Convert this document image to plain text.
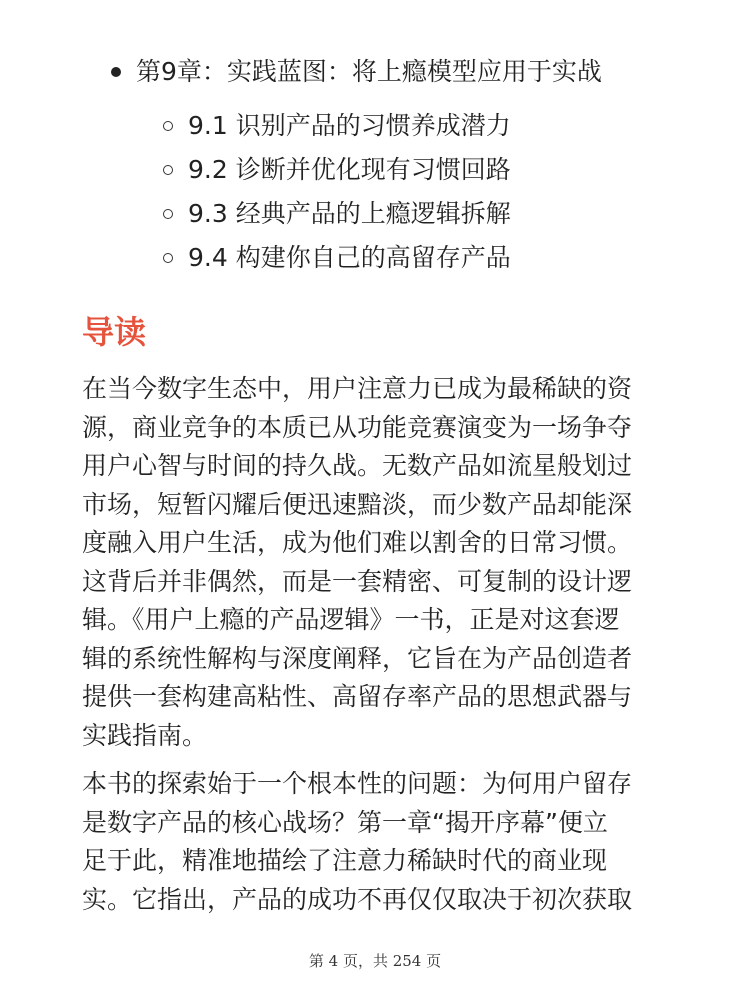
第9章：实践蓝图：将上瘾模型应用于实战
9.1 识别产品的习惯养成潜力
9.2 诊断并优化现有习惯回路
9.3 经典产品的上瘾逻辑拆解
9.4 构建你自己的高留存产品
导读

在当今数字生态中，用户注意力已成为最稀缺的资
源，商业竞争的本质已从功能竞赛演变为一场争夺
用户心智与时间的持久战。无数产品如流星般划过
市场，短暂闪耀后便迅速黯淡，而少数产品却能深
度融入用户生活，成为他们难以割舍的日常习惯。
这背后并非偶然，而是一套精密、可复制的设计逻
辑。《用户上瘾的产品逻辑》一书，正是对这套逻
辑的系统性解构与深度阐释，它旨在为产品创造者
提供一套构建高粘性、高留存率产品的思想武器与
实践指南。

本书的探索始于一个根本性的问题：为何用户留存
是数字产品的核心战场？第一章“揭开序幕”便立
足于此，精准地描绘了注意力稀缺时代的商业现
实。它指出，产品的成功不再仅仅取决于初次获取

第 4 页，共 254 页
